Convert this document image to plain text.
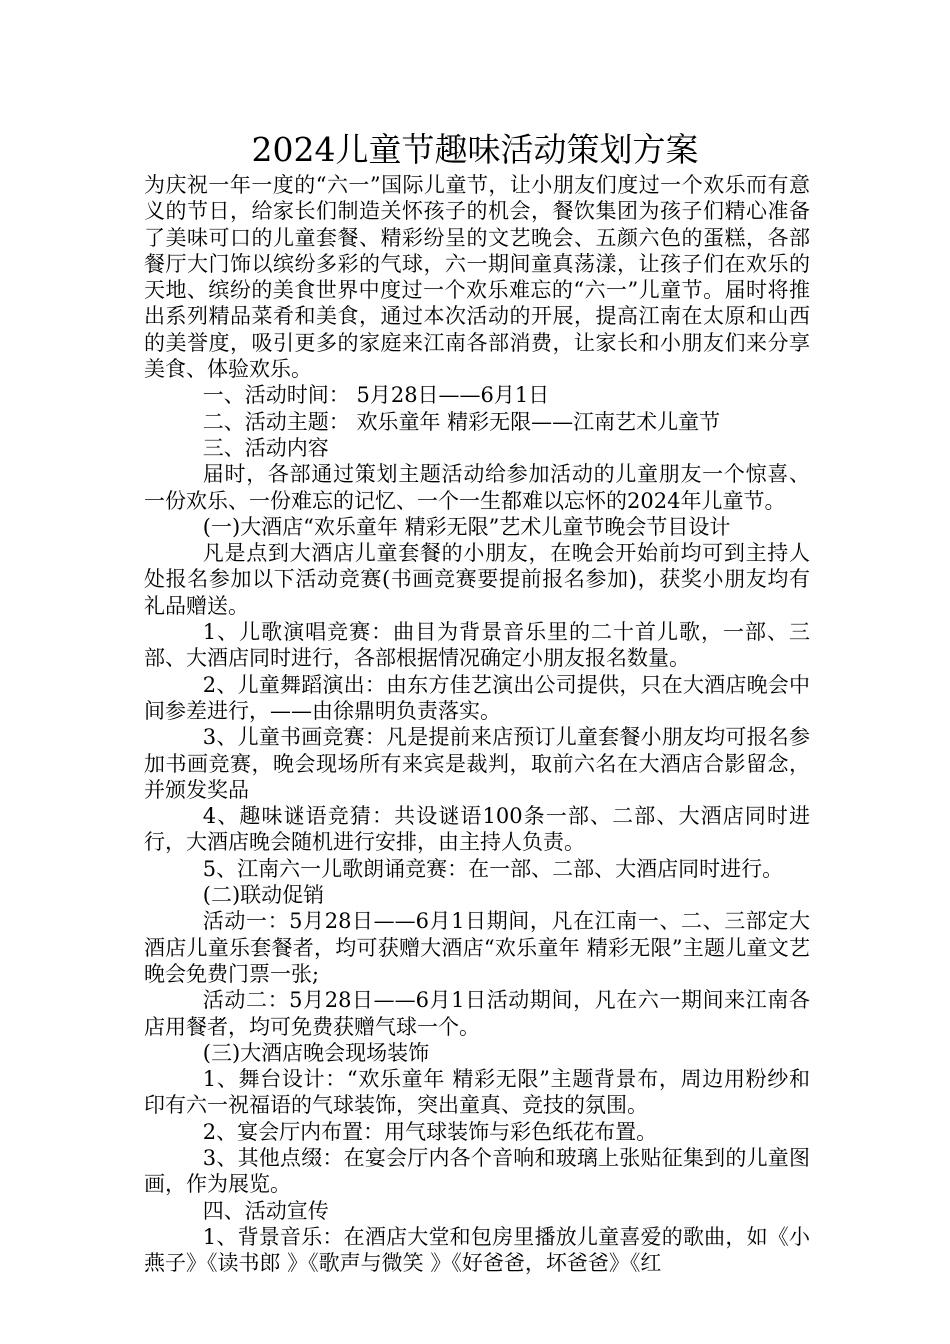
2024儿童节趣味活动策划方案

为庆祝一年一度的“六一”国际儿童节，让小朋友们度过一个欢乐而有意义的节日，给家长们制造关怀孩子的机会，餐饮集团为孩子们精心准备了美味可口的儿童套餐、精彩纷呈的文艺晚会、五颜六色的蛋糕，各部餐厅大门饰以缤纷多彩的气球，六一期间童真荡漾，让孩子们在欢乐的天地、缤纷的美食世界中度过一个欢乐难忘的“六一”儿童节。届时将推出系列精品菜肴和美食，通过本次活动的开展，提高江南在太原和山西的美誉度，吸引更多的家庭来江南各部消费，让家长和小朋友们来分享美食、体验欢乐。

一、活动时间： 5月28日——6月1日

二、活动主题： 欢乐童年 精彩无限——江南艺术儿童节

三、活动内容

届时，各部通过策划主题活动给参加活动的儿童朋友一个惊喜、一份欢乐、一份难忘的记忆、一个一生都难以忘怀的2024年儿童节。

(一)大酒店“欢乐童年 精彩无限”艺术儿童节晚会节目设计

凡是点到大酒店儿童套餐的小朋友，在晚会开始前均可到主持人处报名参加以下活动竞赛(书画竞赛要提前报名参加)，获奖小朋友均有礼品赠送。

1、儿歌演唱竞赛：曲目为背景音乐里的二十首儿歌，一部、三部、大酒店同时进行，各部根据情况确定小朋友报名数量。

2、儿童舞蹈演出：由东方佳艺演出公司提供，只在大酒店晚会中间参差进行，——由徐鼎明负责落实。

3、儿童书画竞赛：凡是提前来店预订儿童套餐小朋友均可报名参加书画竞赛，晚会现场所有来宾是裁判，取前六名在大酒店合影留念，并颁发奖品

4、趣味谜语竞猜：共设谜语100条一部、二部、大酒店同时进行，大酒店晚会随机进行安排，由主持人负责。

5、江南六一儿歌朗诵竞赛：在一部、二部、大酒店同时进行。

(二)联动促销

活动一：5月28日——6月1日期间，凡在江南一、二、三部定大酒店儿童乐套餐者，均可获赠大酒店“欢乐童年 精彩无限”主题儿童文艺晚会免费门票一张;

活动二：5月28日——6月1日活动期间，凡在六一期间来江南各店用餐者，均可免费获赠气球一个。

(三)大酒店晚会现场装饰

1、舞台设计：“欢乐童年 精彩无限”主题背景布，周边用粉纱和印有六一祝福语的气球装饰，突出童真、竞技的氛围。

2、宴会厅内布置：用气球装饰与彩色纸花布置。

3、其他点缀：在宴会厅内各个音响和玻璃上张贴征集到的儿童图画，作为展览。

四、活动宣传

1、背景音乐：在酒店大堂和包房里播放儿童喜爱的歌曲，如《小燕子》《读书郎 》《歌声与微笑 》《好爸爸，坏爸爸》《红
